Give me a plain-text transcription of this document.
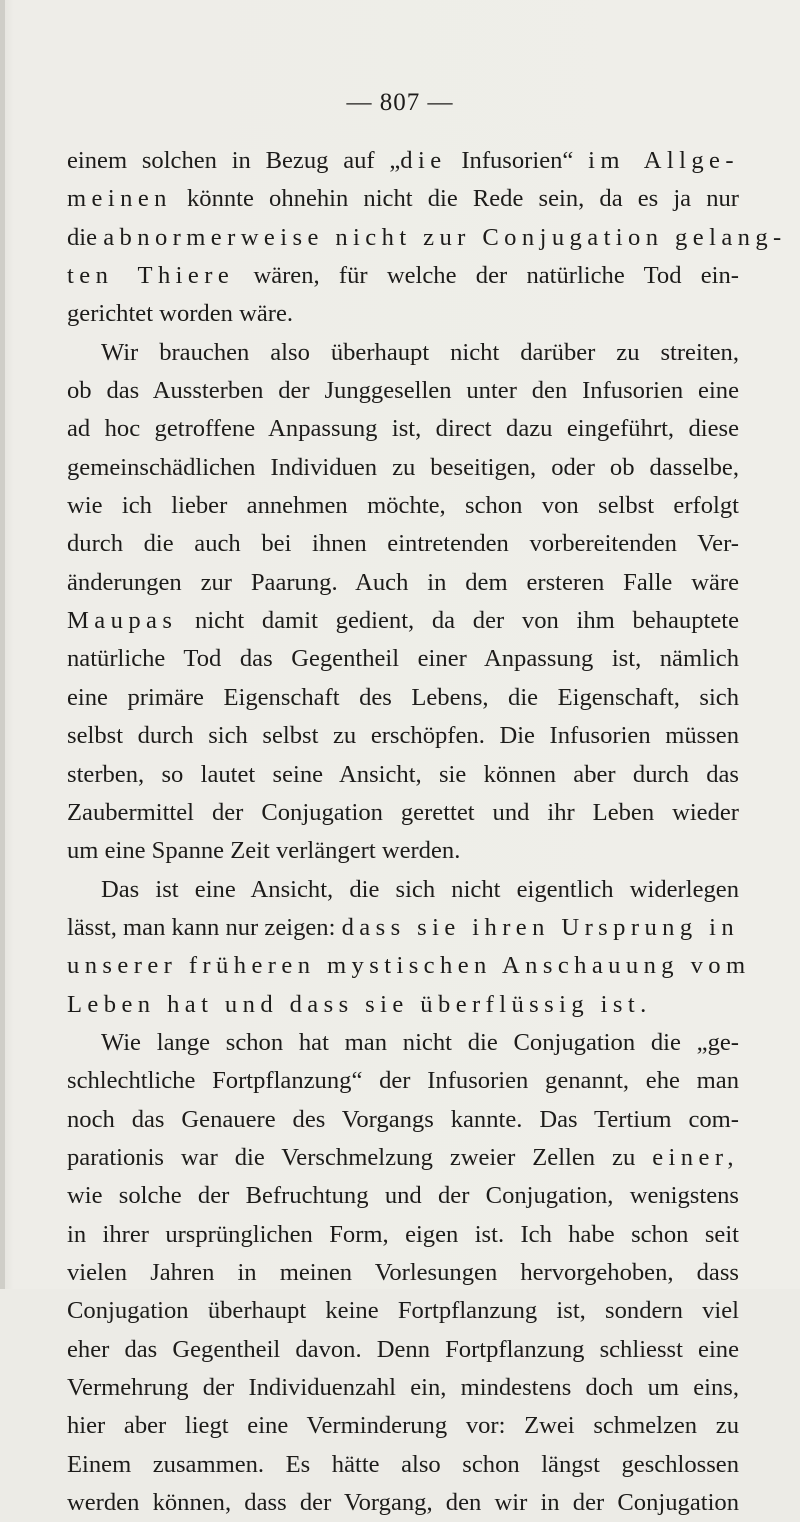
— 807 —
einem solchen in Bezug auf „die Infusorien“ im Allge-
meinen könnte ohnehin nicht die Rede sein, da es ja nur
die abnormerweise nicht zur Conjugation gelang-
ten Thiere wären, für welche der natürliche Tod ein-
gerichtet worden wäre.
Wir brauchen also überhaupt nicht darüber zu streiten,
ob das Aussterben der Junggesellen unter den Infusorien eine
ad hoc getroffene Anpassung ist, direct dazu eingeführt, diese
gemeinschädlichen Individuen zu beseitigen, oder ob dasselbe,
wie ich lieber annehmen möchte, schon von selbst erfolgt
durch die auch bei ihnen eintretenden vorbereitenden Ver-
änderungen zur Paarung. Auch in dem ersteren Falle wäre
Maupas nicht damit gedient, da der von ihm behauptete
natürliche Tod das Gegentheil einer Anpassung ist, nämlich
eine primäre Eigenschaft des Lebens, die Eigenschaft, sich
selbst durch sich selbst zu erschöpfen. Die Infusorien müssen
sterben, so lautet seine Ansicht, sie können aber durch das
Zaubermittel der Conjugation gerettet und ihr Leben wieder
um eine Spanne Zeit verlängert werden.
Das ist eine Ansicht, die sich nicht eigentlich widerlegen
lässt, man kann nur zeigen: dass sie ihren Ursprung in
unserer früheren mystischen Anschauung vom
Leben hat und dass sie überflüssig ist.
Wie lange schon hat man nicht die Conjugation die „ge-
schlechtliche Fortpflanzung“ der Infusorien genannt, ehe man
noch das Genauere des Vorgangs kannte. Das Tertium com-
parationis war die Verschmelzung zweier Zellen zu einer,
wie solche der Befruchtung und der Conjugation, wenigstens
in ihrer ursprünglichen Form, eigen ist. Ich habe schon seit
vielen Jahren in meinen Vorlesungen hervorgehoben, dass
Conjugation überhaupt keine Fortpflanzung ist, sondern viel
eher das Gegentheil davon. Denn Fortpflanzung schliesst eine
Vermehrung der Individuenzahl ein, mindestens doch um eins,
hier aber liegt eine Verminderung vor: Zwei schmelzen zu
Einem zusammen. Es hätte also schon längst geschlossen
werden können, dass der Vorgang, den wir in der Conjugation
